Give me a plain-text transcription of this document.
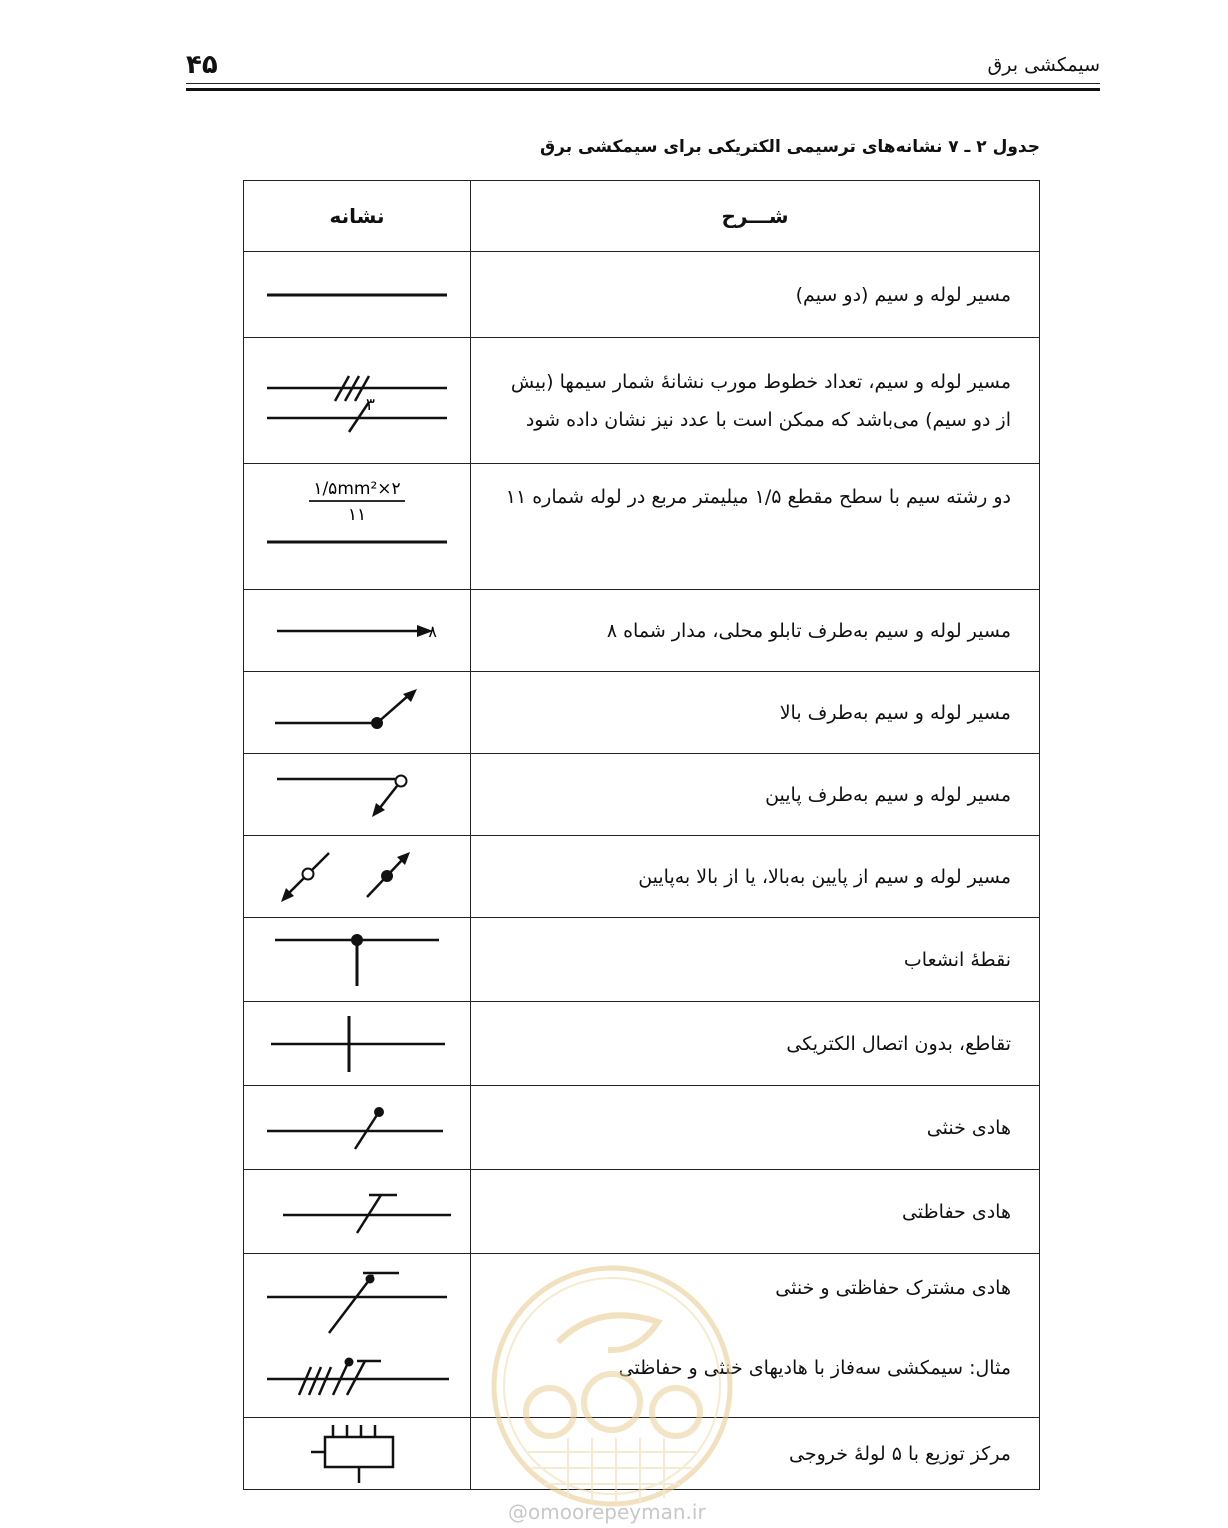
۴۵	سیمکشی برق
جدول ۲ ـ ۷ نشانه‌های ترسیمی الکتریکی برای سیمکشی برق
شـــرح	نشانه
مسیر لوله و سیم (دو سیم)	

مسیر لوله و سیم، تعداد خطوط مورب نشانهٔ شمار سیمها (بیش از دو سیم) می‌باشد که ممکن است با عدد نیز نشان داده شود	۳

دو رشته سیم با سطح مقطع ۱/۵ میلیمتر مربع در لوله شماره ۱۱	۲×۱/۵mm²
۱۱

مسیر لوله و سیم به‌طرف تابلو محلی، مدار شماه ۸	۸

مسیر لوله و سیم به‌طرف بالا	

مسیر لوله و سیم به‌طرف پایین	

مسیر لوله و سیم از پایین به‌بالا، یا از بالا به‌پایین	

نقطهٔ انشعاب	

تقاطع، بدون اتصال الکتریکی	

هادی خنثی	

هادی حفاظتی	

هادی مشترک حفاظتی و خنثی
مثال: سیمکشی سه‌فاز با هادیهای خنثی و حفاظتی

مرکز توزیع با ۵ لولهٔ خروجی	
@omoorepeyman.ir
